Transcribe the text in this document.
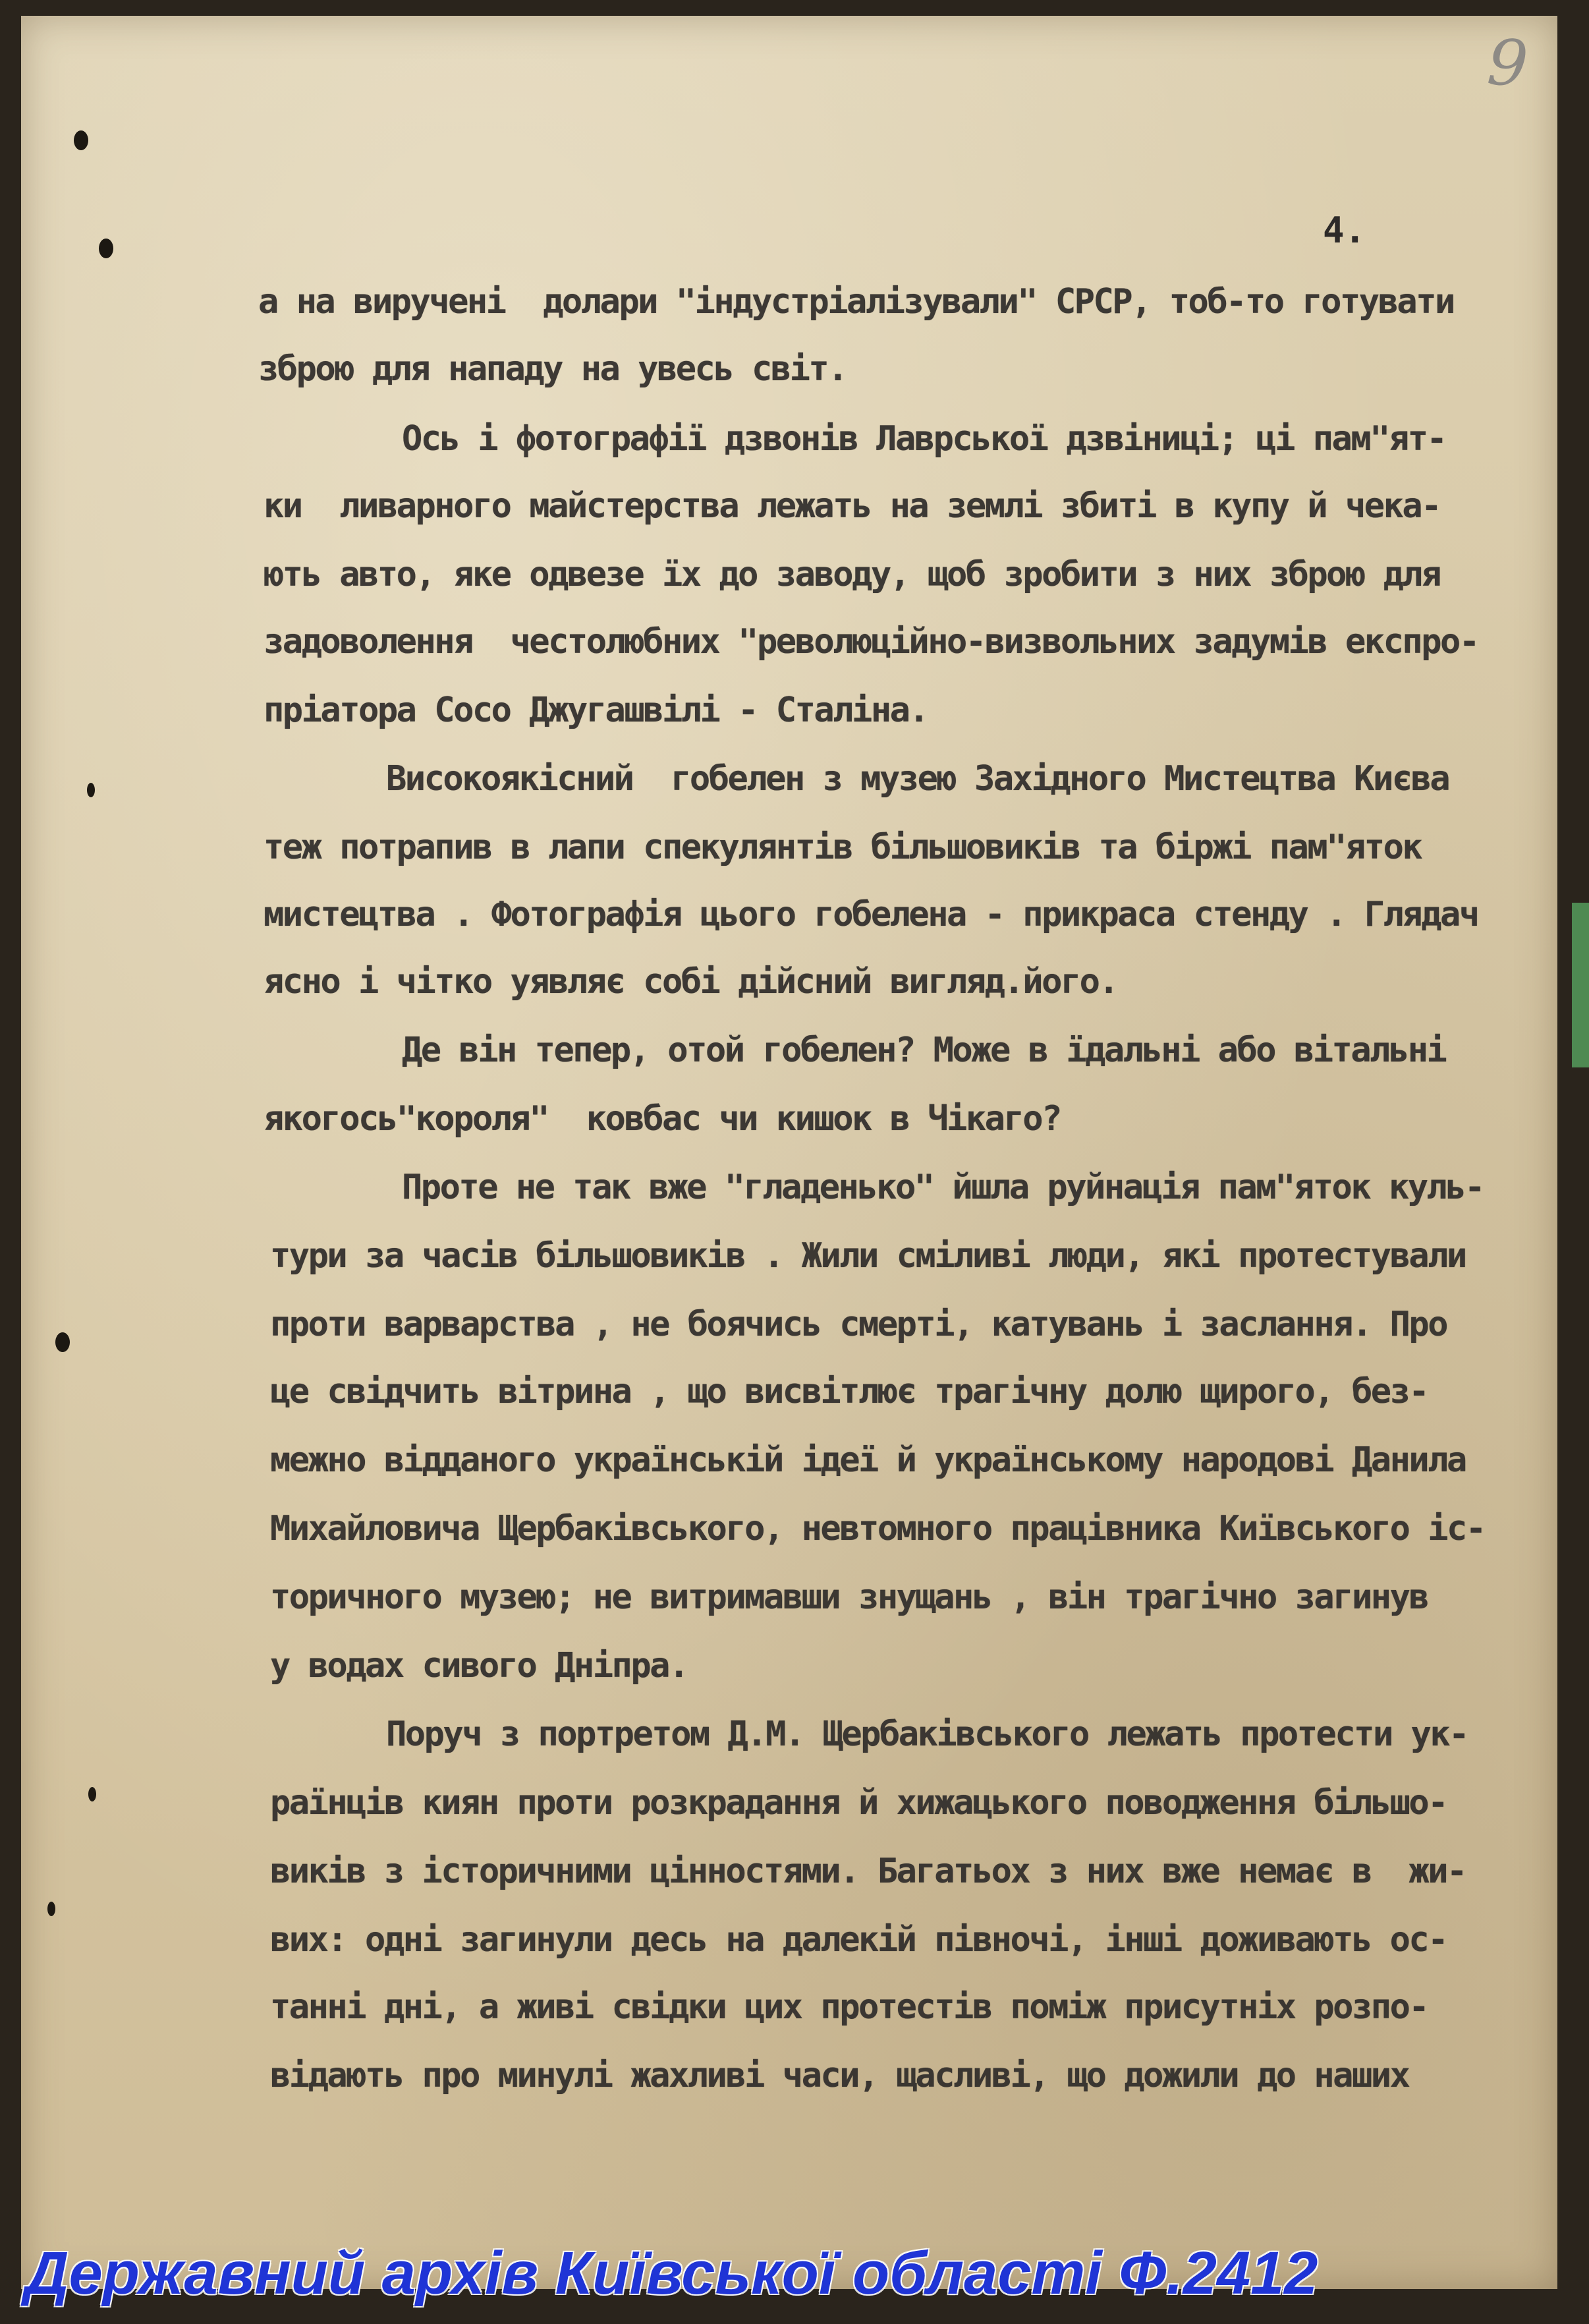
9
4.
а на виручені  долари "індустріалізували" СРСР, тоб-то готувати
зброю для нападу на увесь світ.
Ось і фотографії дзвонів Лаврської дзвіниці; ці пам"ят-
ки  ливарного майстерства лежать на землі збиті в купу й чека-
ють авто, яке одвезе їх до заводу, щоб зробити з них зброю для
задоволення  честолюбних "революційно-визвольних задумів експро-
пріатора Сосо Джугашвілі - Сталіна.
Високоякісний  гобелен з музею Західного Мистецтва Києва
теж потрапив в лапи спекулянтів більшовиків та біржі пам"яток
мистецтва . Фотографія цього гобелена - прикраса стенду . Глядач
ясно і чітко уявляє собі дійсний вигляд.його.
Де він тепер, отой гобелен? Може в їдальні або вітальні
якогось"короля"  ковбас чи кишок в Чікаго?
Проте не так вже "гладенько" йшла руйнація пам"яток куль-
тури за часів більшовиків . Жили сміливі люди, які протестували
проти варварства , не боячись смерті, катувань і заслання. Про
це свідчить вітрина , що висвітлює трагічну долю щирого, без-
межно відданого українській ідеї й українському народові Данила
Михайловича Щербаківського, невтомного працівника Київського іс-
торичного музею; не витримавши знущань , він трагічно загинув
у водах сивого Дніпра.
Поруч з портретом Д.М. Щербаківського лежать протести ук-
раїнців киян проти розкрадання й хижацького поводження більшо-
виків з історичними цінностями. Багатьох з них вже немає в  жи-
вих: одні загинули десь на далекій півночі, інші доживають ос-
танні дні, а живі свідки цих протестів поміж присутніх розпо-
відають про минулі жахливі часи, щасливі, що дожили до наших
Державний архів Київської області Ф.2412
